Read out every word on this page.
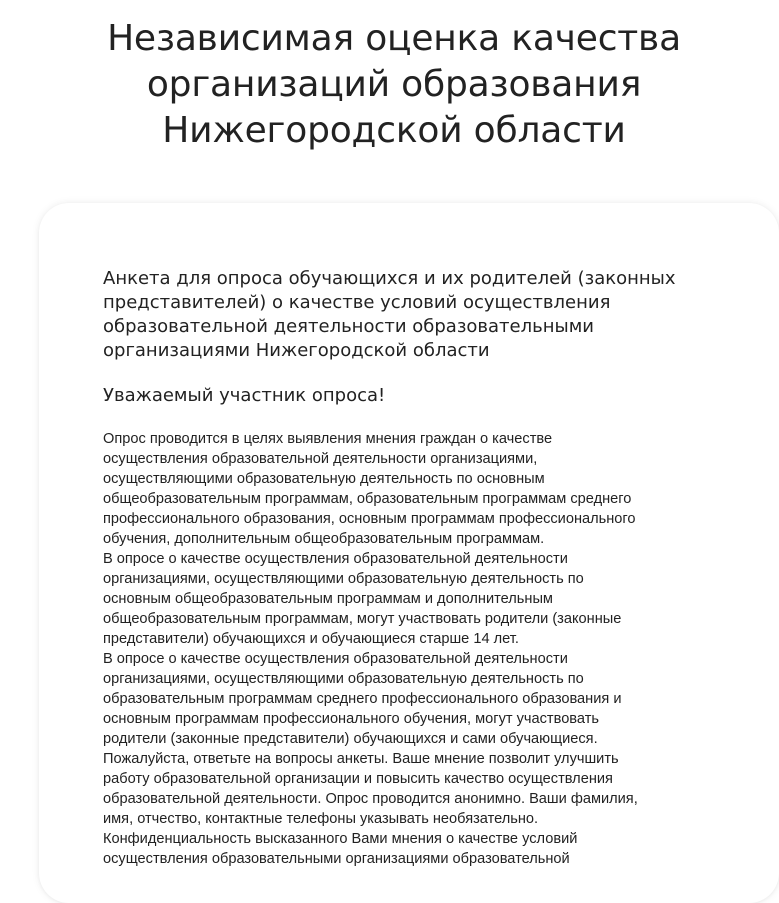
Независимая оценка качества организаций образования Нижегородской области
Анкета для опроса обучающихся и их родителей (законных представителей) о качестве условий осуществления образовательной деятельности образовательными организациями Нижегородской области
Уважаемый участник опроса!
Опрос проводится в целях выявления мнения граждан о качестве
осуществления образовательной деятельности организациями,
осуществляющими образовательную деятельность по основным
общеобразовательным программам, образовательным программам среднего
профессионального образования, основным программам профессионального
обучения, дополнительным общеобразовательным программам.
В опросе о качестве осуществления образовательной деятельности
организациями, осуществляющими образовательную деятельность по
основным общеобразовательным программам и дополнительным
общеобразовательным программам, могут участвовать родители (законные
представители) обучающихся и обучающиеся старше 14 лет.
В опросе о качестве осуществления образовательной деятельности
организациями, осуществляющими образовательную деятельность по
образовательным программам среднего профессионального образования и
основным программам профессионального обучения, могут участвовать
родители (законные представители) обучающихся и сами обучающиеся.
Пожалуйста, ответьте на вопросы анкеты. Ваше мнение позволит улучшить
работу образовательной организации и повысить качество осуществления
образовательной деятельности. Опрос проводится анонимно. Ваши фамилия,
имя, отчество, контактные телефоны указывать необязательно.
Конфиденциальность высказанного Вами мнения о качестве условий
осуществления образовательными организациями образовательной
